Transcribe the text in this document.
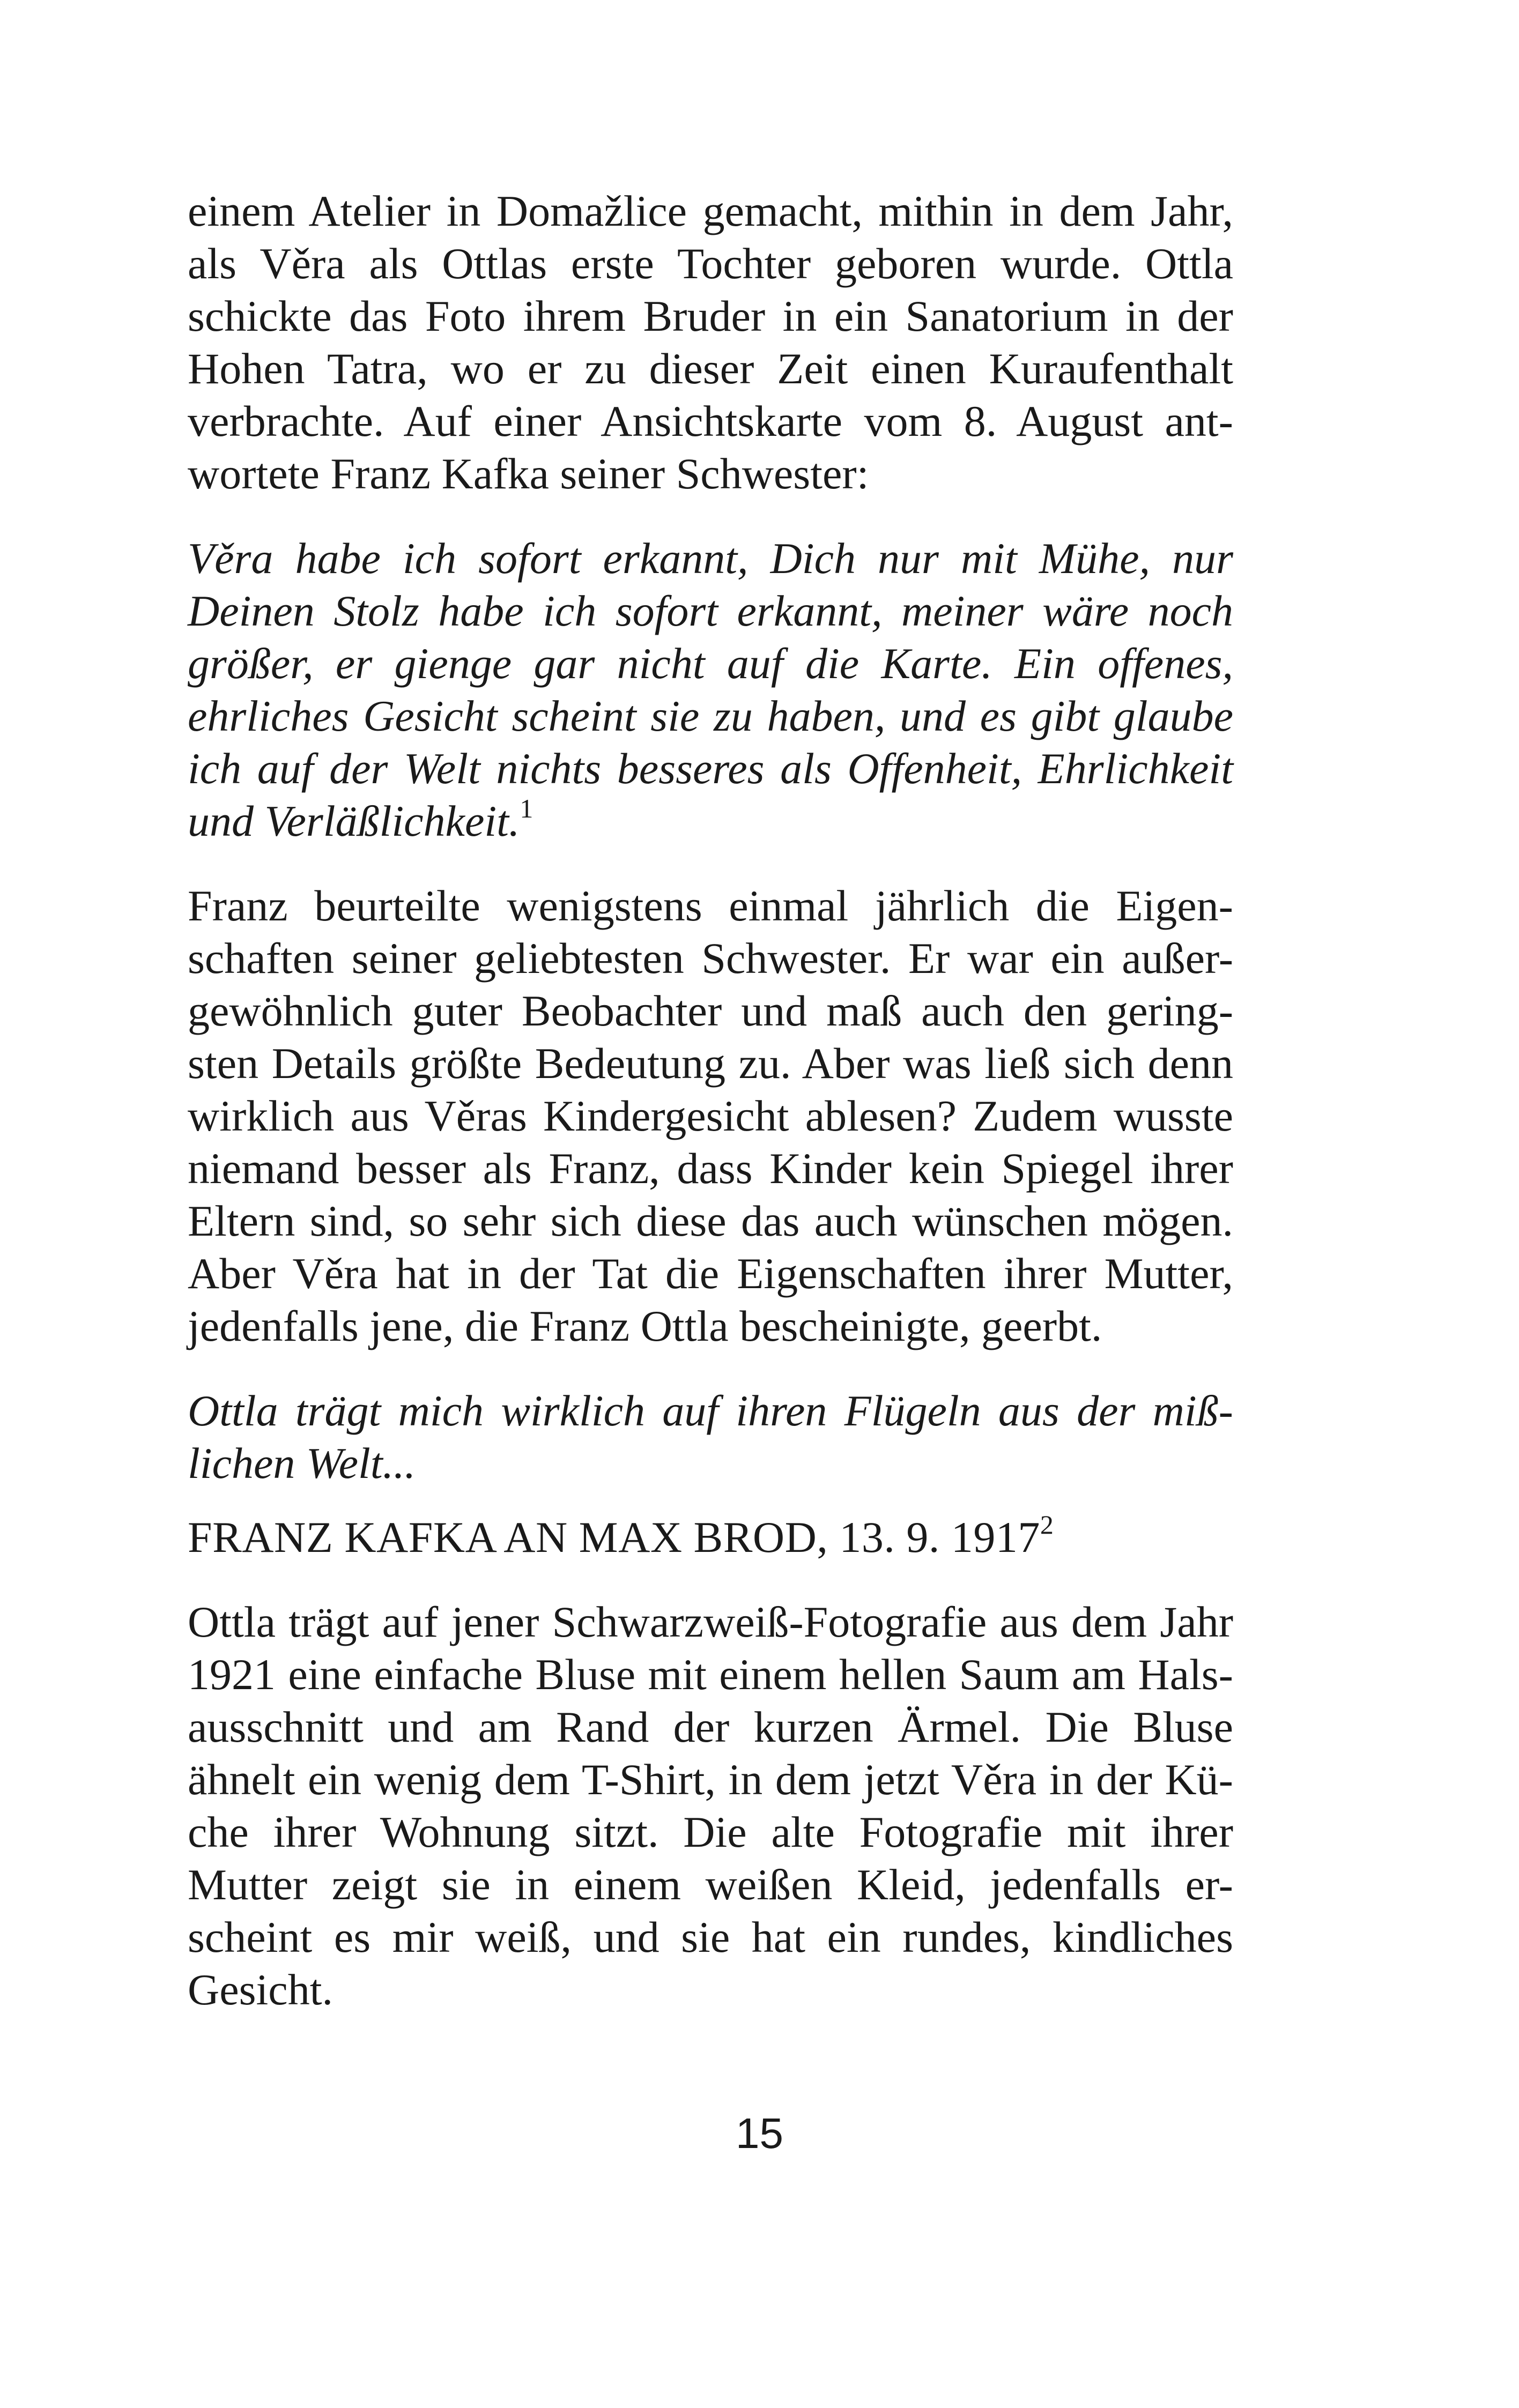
einem Atelier in Domažlice gemacht, mithin in dem Jahr,
als Věra als Ottlas erste Tochter geboren wurde. Ottla
schickte das Foto ihrem Bruder in ein Sanatorium in der
Hohen Tatra, wo er zu dieser Zeit einen Kuraufenthalt
verbrachte. Auf einer Ansichtskarte vom 8. August ant-
wortete Franz Kafka seiner Schwester:
Věra habe ich sofort erkannt, Dich nur mit Mühe, nur
Deinen Stolz habe ich sofort erkannt, meiner wäre noch
größer, er gienge gar nicht auf die Karte. Ein offenes,
ehrliches Gesicht scheint sie zu haben, und es gibt glaube
ich auf der Welt nichts besseres als Offenheit, Ehrlichkeit
und Verläßlichkeit.$^1$
Franz beurteilte wenigstens einmal jährlich die Eigen-
schaften seiner geliebtesten Schwester. Er war ein außer-
gewöhnlich guter Beobachter und maß auch den gering-
sten Details größte Bedeutung zu. Aber was ließ sich denn
wirklich aus Věras Kindergesicht ablesen? Zudem wusste
niemand besser als Franz, dass Kinder kein Spiegel ihrer
Eltern sind, so sehr sich diese das auch wünschen mögen.
Aber Věra hat in der Tat die Eigenschaften ihrer Mutter,
jedenfalls jene, die Franz Ottla bescheinigte, geerbt.
Ottla trägt mich wirklich auf ihren Flügeln aus der miß-
lichen Welt...
FRANZ KAFKA AN MAX BROD, 13. 9. 1917$^2$
Ottla trägt auf jener Schwarzweiß-Fotografie aus dem Jahr
1921 eine einfache Bluse mit einem hellen Saum am Hals-
ausschnitt und am Rand der kurzen Ärmel. Die Bluse
ähnelt ein wenig dem T-Shirt, in dem jetzt Věra in der Kü-
che ihrer Wohnung sitzt. Die alte Fotografie mit ihrer
Mutter zeigt sie in einem weißen Kleid, jedenfalls er-
scheint es mir weiß, und sie hat ein rundes, kindliches
Gesicht.
15
